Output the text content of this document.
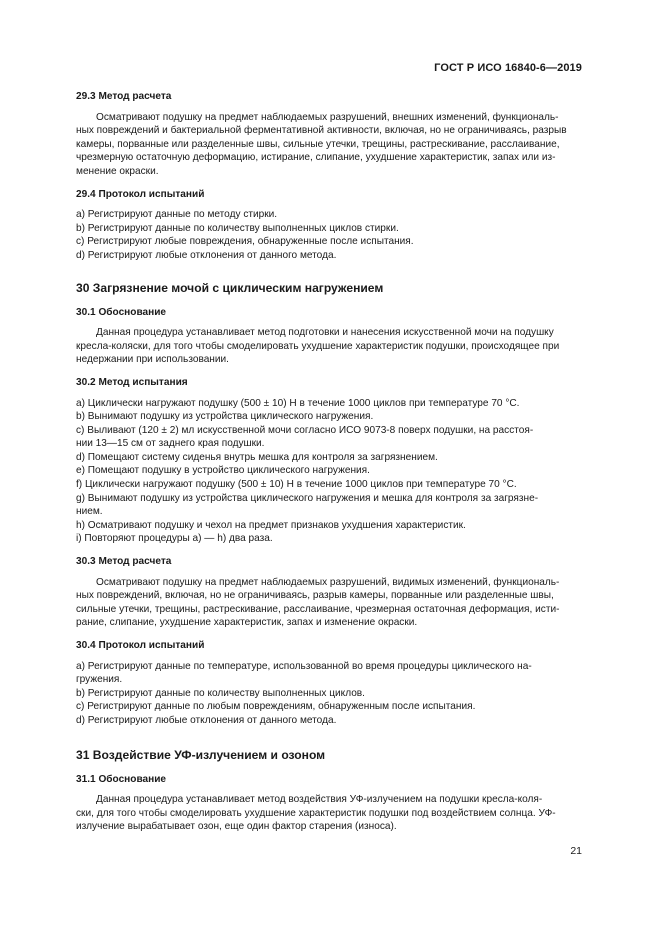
ГОСТ Р ИСО 16840-6—2019
29.3 Метод расчета
Осматривают подушку на предмет наблюдаемых разрушений, внешних изменений, функциональ-
ных повреждений и бактериальной ферментативной активности, включая, но не ограничиваясь, разрыв
камеры, порванные или разделенные швы, сильные утечки, трещины, растрескивание, расслаивание,
чрезмерную остаточную деформацию, истирание, слипание, ухудшение характеристик, запах или из-
менение окраски.
29.4 Протокол испытаний
a) Регистрируют данные по методу стирки.
b) Регистрируют данные по количеству выполненных циклов стирки.
c) Регистрируют любые повреждения, обнаруженные после испытания.
d) Регистрируют любые отклонения от данного метода.
30 Загрязнение мочой с циклическим нагружением
30.1 Обоснование
Данная процедура устанавливает метод подготовки и нанесения искусственной мочи на подушку
кресла-коляски, для того чтобы смоделировать ухудшение характеристик подушки, происходящее при
недержании при использовании.
30.2 Метод испытания
a) Циклически нагружают подушку (500 ± 10) Н в течение 1000 циклов при температуре 70 °С.
b) Вынимают подушку из устройства циклического нагружения.
c) Выливают (120 ± 2) мл искусственной мочи согласно ИСО 9073-8 поверх подушки, на расстоя-
нии 13—15 см от заднего края подушки.
d) Помещают систему сиденья внутрь мешка для контроля за загрязнением.
e) Помещают подушку в устройство циклического нагружения.
f) Циклически нагружают подушку (500 ± 10) Н в течение 1000 циклов при температуре 70 °С.
g) Вынимают подушку из устройства циклического нагружения и мешка для контроля за загрязне-
нием.
h) Осматривают подушку и чехол на предмет признаков ухудшения характеристик.
i) Повторяют процедуры a) — h) два раза.
30.3 Метод расчета
Осматривают подушку на предмет наблюдаемых разрушений, видимых изменений, функциональ-
ных повреждений, включая, но не ограничиваясь, разрыв камеры, порванные или разделенные швы,
сильные утечки, трещины, растрескивание, расслаивание, чрезмерная остаточная деформация, исти-
рание, слипание, ухудшение характеристик, запах и изменение окраски.
30.4 Протокол испытаний
a) Регистрируют данные по температуре, использованной во время процедуры циклического на-
гружения.
b) Регистрируют данные по количеству выполненных циклов.
c) Регистрируют данные по любым повреждениям, обнаруженным после испытания.
d) Регистрируют любые отклонения от данного метода.
31 Воздействие УФ-излучением и озоном
31.1 Обоснование
Данная процедура устанавливает метод воздействия УФ-излучением на подушки кресла-коля-
ски, для того чтобы смоделировать ухудшение характеристик подушки под воздействием солнца. УФ-
излучение вырабатывает озон, еще один фактор старения (износа).
21
